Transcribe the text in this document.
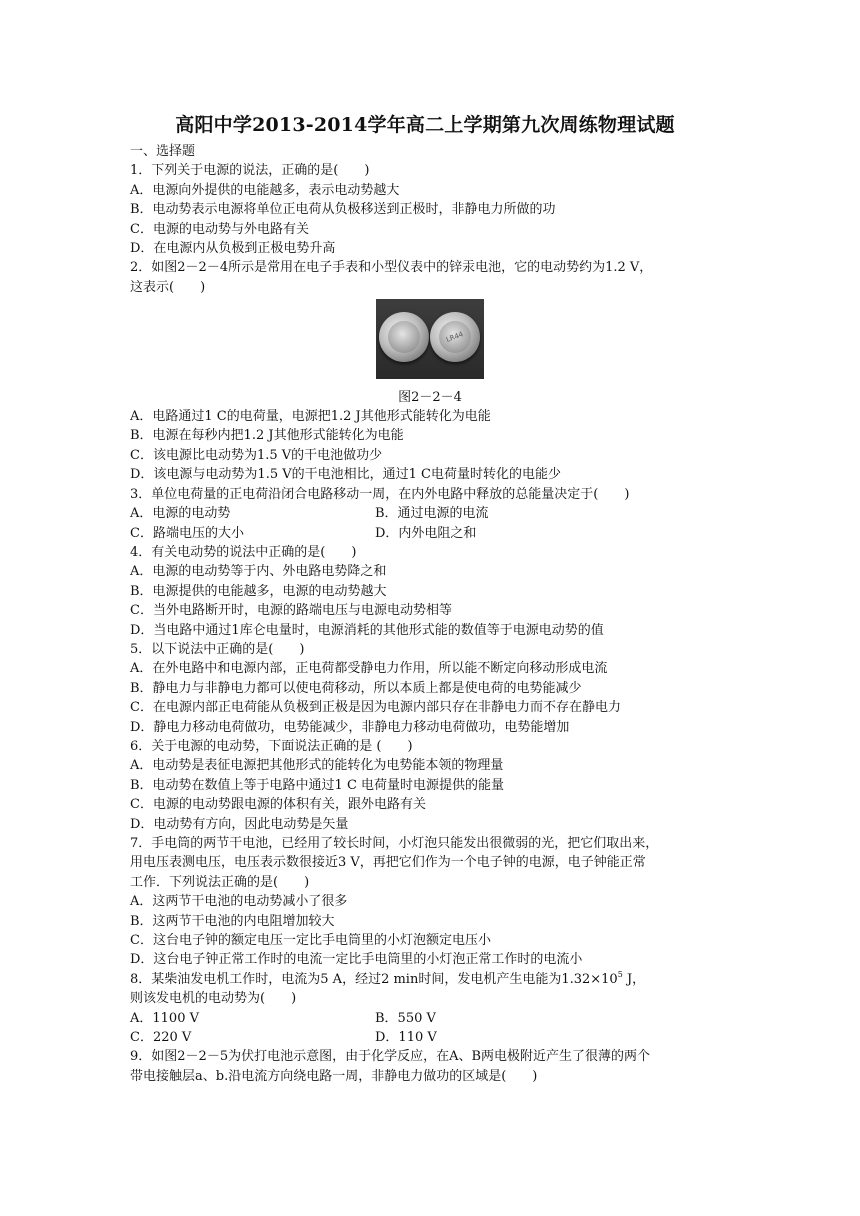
高阳中学2013-2014学年高二上学期第九次周练物理试题
一、选择题
1．下列关于电源的说法，正确的是(　　)
A．电源向外提供的电能越多，表示电动势越大
B．电动势表示电源将单位正电荷从负极移送到正极时，非静电力所做的功
C．电源的电动势与外电路有关
D．在电源内从负极到正极电势升高
2．如图2－2－4所示是常用在电子手表和小型仪表中的锌汞电池，它的电动势约为1.2 V，
这表示(　　)
LR44
图2－2－4
A．电路通过1 C的电荷量，电源把1.2 J其他形式能转化为电能
B．电源在每秒内把1.2 J其他形式能转化为电能
C．该电源比电动势为1.5 V的干电池做功少
D．该电源与电动势为1.5 V的干电池相比，通过1 C电荷量时转化的电能少
3．单位电荷量的正电荷沿闭合电路移动一周，在内外电路中释放的总能量决定于(　　)
A．电源的电动势	B．通过电源的电流
C．路端电压的大小	D．内外电阻之和
4．有关电动势的说法中正确的是(　　)
A．电源的电动势等于内、外电路电势降之和
B．电源提供的电能越多，电源的电动势越大
C．当外电路断开时，电源的路端电压与电源电动势相等
D．当电路中通过1库仑电量时，电源消耗的其他形式能的数值等于电源电动势的值
5．以下说法中正确的是(　　)
A．在外电路中和电源内部，正电荷都受静电力作用，所以能不断定向移动形成电流
B．静电力与非静电力都可以使电荷移动，所以本质上都是使电荷的电势能减少
C．在电源内部正电荷能从负极到正极是因为电源内部只存在非静电力而不存在静电力
D．静电力移动电荷做功，电势能减少，非静电力移动电荷做功，电势能增加
6．关于电源的电动势，下面说法正确的是 (　　)
A．电动势是表征电源把其他形式的能转化为电势能本领的物理量
B．电动势在数值上等于电路中通过1 C 电荷量时电源提供的能量
C．电源的电动势跟电源的体积有关，跟外电路有关
D．电动势有方向，因此电动势是矢量
7．手电筒的两节干电池，已经用了较长时间，小灯泡只能发出很微弱的光，把它们取出来，
用电压表测电压，电压表示数很接近3 V，再把它们作为一个电子钟的电源，电子钟能正常
工作．下列说法正确的是(　　)
A．这两节干电池的电动势减小了很多
B．这两节干电池的内电阻增加较大
C．这台电子钟的额定电压一定比手电筒里的小灯泡额定电压小
D．这台电子钟正常工作时的电流一定比手电筒里的小灯泡正常工作时的电流小
8．某柴油发电机工作时，电流为5 A，经过2 min时间，发电机产生电能为$1.32\times 10^5$ J，
则该发电机的电动势为(　　)
A．1100 V	B．550 V
C．220 V	D．110 V
9．如图2－2－5为伏打电池示意图，由于化学反应，在A、B两电极附近产生了很薄的两个
带电接触层a、b.沿电流方向绕电路一周，非静电力做功的区域是(　　)
